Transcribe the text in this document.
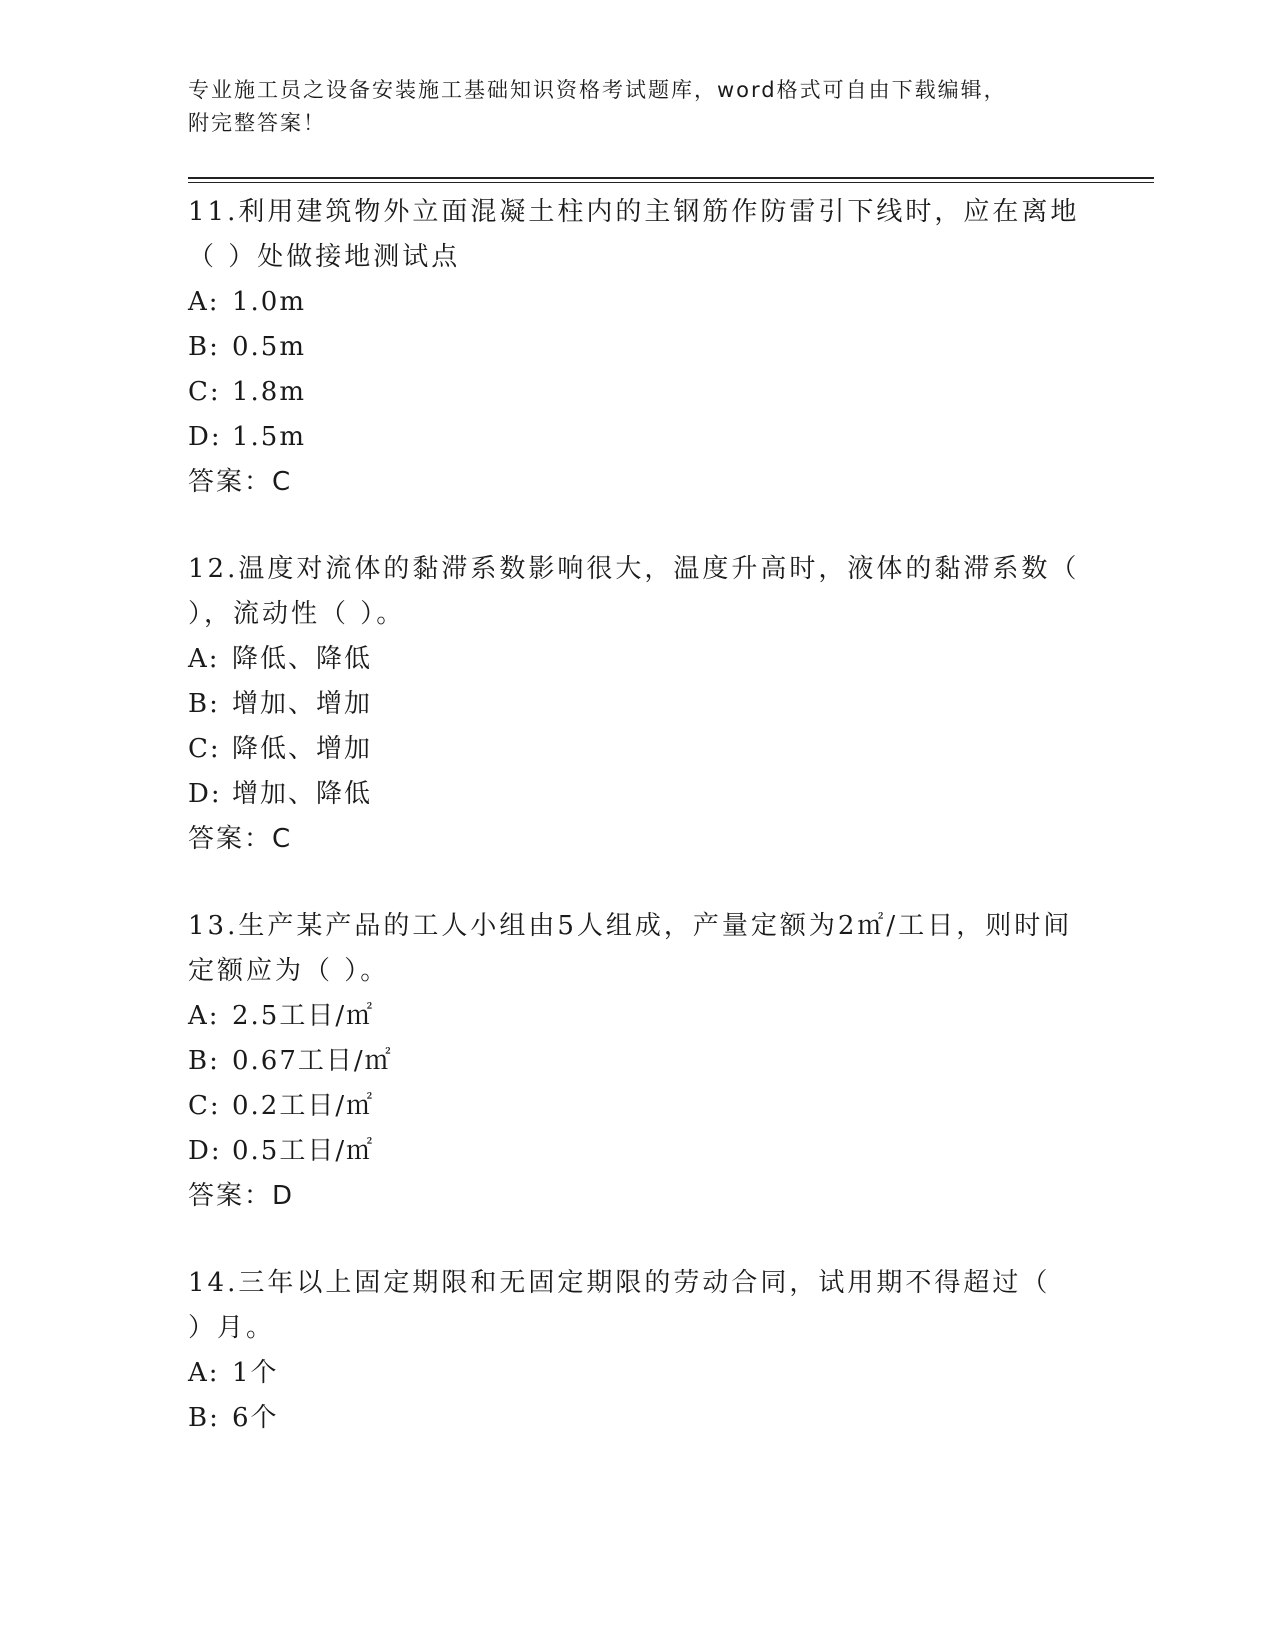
专业施工员之设备安装施工基础知识资格考试题库，word格式可自由下载编辑，
附完整答案！

11.利用建筑物外立面混凝土柱内的主钢筋作防雷引下线时，应在离地

（ ）处做接地测试点

A: 1.0m

B: 0.5m

C: 1.8m

D: 1.5m

答案：C

12.温度对流体的黏滞系数影响很大，温度升高时，液体的黏滞系数（

），流动性（ ）。

A: 降低、降低

B: 增加、增加

C: 降低、增加

D: 增加、降低

答案：C

13.生产某产品的工人小组由5人组成，产量定额为2㎡/工日，则时间

定额应为（ ）。

A: 2.5工日/㎡

B: 0.67工日/㎡

C: 0.2工日/㎡

D: 0.5工日/㎡

答案：D

14.三年以上固定期限和无固定期限的劳动合同，试用期不得超过（

）月。

A: 1个

B: 6个
